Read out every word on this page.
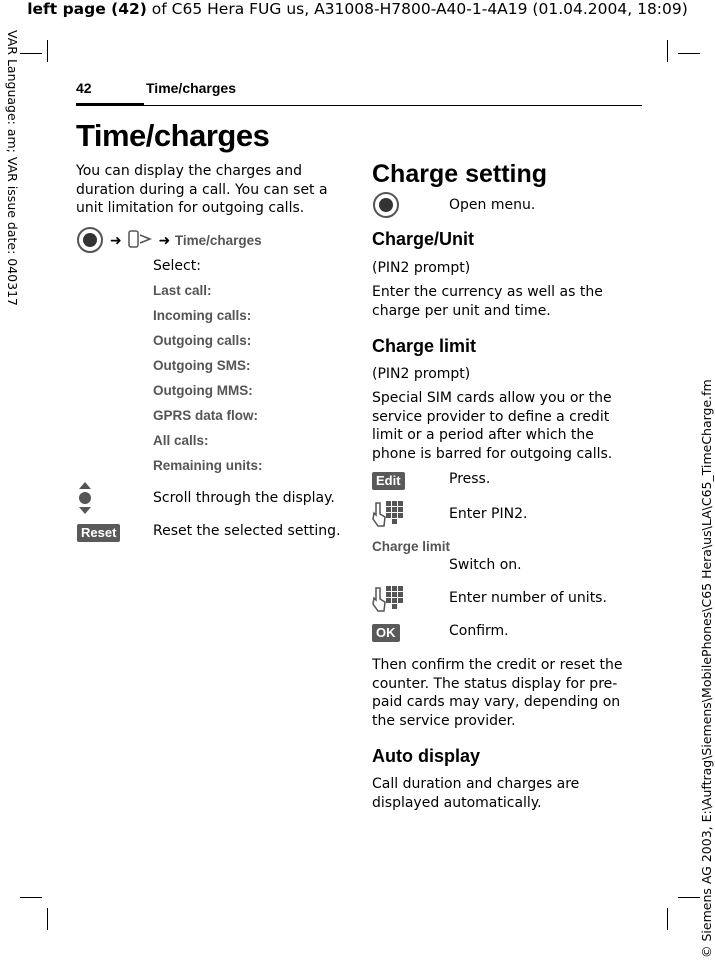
left page (42) of C65 Hera FUG us, A31008-H7800-A40-1-4A19 (01.04.2004, 18:09)
VAR Language: am; VAR issue date: 040317
© Siemens AG 2003, E:\Auftrag\Siemens\MobilePhones\C65 Hera\us\LA\C65_TimeCharge.fm
42	Time/charges
Time/charges
You can display the charges and
duration during a call. You can set a
unit limitation for outgoing calls.
➜	➜ Time/charges
Select:
Last call:
Incoming calls:
Outgoing calls:
Outgoing SMS:
Outgoing MMS:
GPRS data flow:
All calls:
Remaining units:
Scroll through the display.
Reset	Reset the selected setting.
Charge setting
Open menu.
Charge/Unit
(PIN2 prompt)
Enter the currency as well as the
charge per unit and time.
Charge limit
(PIN2 prompt)
Special SIM cards allow you or the
service provider to define a credit
limit or a period after which the
phone is barred for outgoing calls.
Edit	Press.
Enter PIN2.
Charge limit
Switch on.
Enter number of units.
OK	Confirm.
Then confirm the credit or reset the
counter. The status display for pre-
paid cards may vary, depending on
the service provider.
Auto display
Call duration and charges are
displayed automatically.
